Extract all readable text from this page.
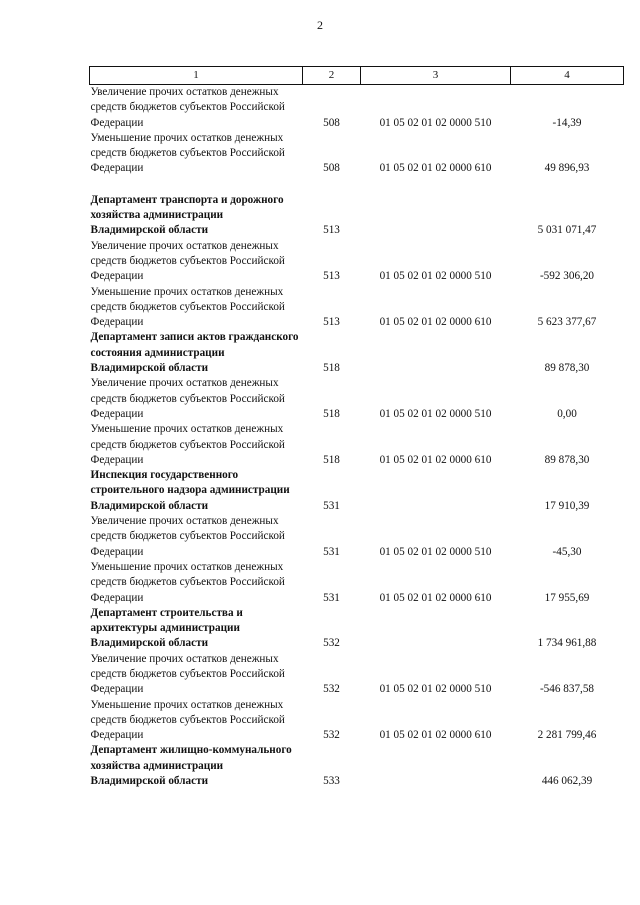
2
1	2	3	4
Увеличение прочих остатков денежных средств бюджетов субъектов Российской Федерации	508	01 05 02 01 02 0000 510	-14,39
Уменьшение прочих остатков денежных средств бюджетов субъектов Российской Федерации	508	01 05 02 01 02 0000 610	49 896,93
Департамент транспорта и дорожного хозяйства администрации Владимирской области	513		5 031 071,47
Увеличение прочих остатков денежных средств бюджетов субъектов Российской Федерации	513	01 05 02 01 02 0000 510	-592 306,20
Уменьшение прочих остатков денежных средств бюджетов субъектов Российской Федерации	513	01 05 02 01 02 0000 610	5 623 377,67
Департамент записи актов гражданского состояния администрации Владимирской области	518		89 878,30
Увеличение прочих остатков денежных средств бюджетов субъектов Российской Федерации	518	01 05 02 01 02 0000 510	0,00
Уменьшение прочих остатков денежных средств бюджетов субъектов Российской Федерации	518	01 05 02 01 02 0000 610	89 878,30
Инспекция государственного строительного надзора администрации Владимирской области	531		17 910,39
Увеличение прочих остатков денежных средств бюджетов субъектов Российской Федерации	531	01 05 02 01 02 0000 510	-45,30
Уменьшение прочих остатков денежных средств бюджетов субъектов Российской Федерации	531	01 05 02 01 02 0000 610	17 955,69
Департамент строительства и архитектуры администрации Владимирской области	532		1 734 961,88
Увеличение прочих остатков денежных средств бюджетов субъектов Российской Федерации	532	01 05 02 01 02 0000 510	-546 837,58
Уменьшение прочих остатков денежных средств бюджетов субъектов Российской Федерации	532	01 05 02 01 02 0000 610	2 281 799,46
Департамент жилищно-коммунального хозяйства администрации Владимирской области	533		446 062,39
